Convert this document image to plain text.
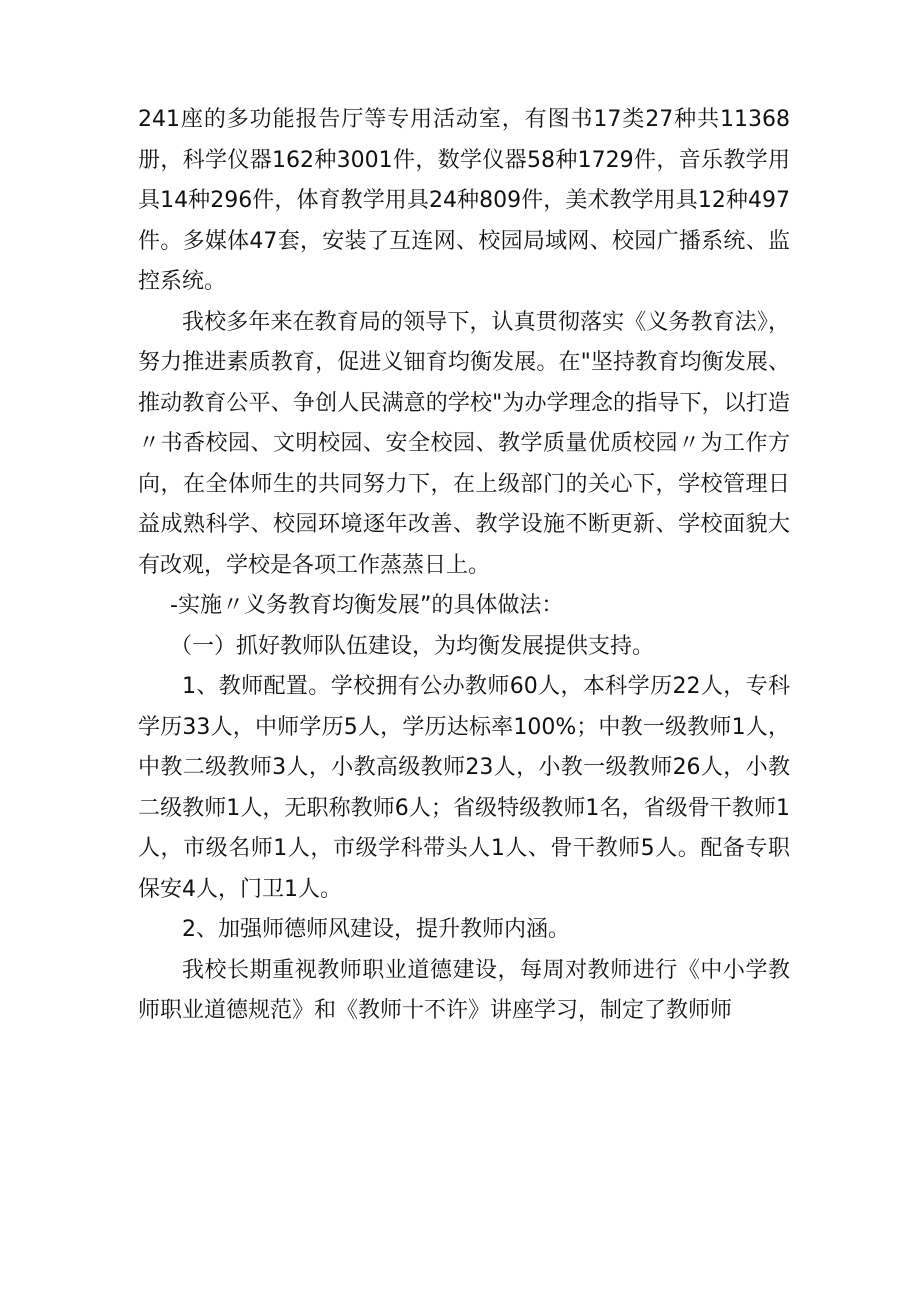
241座的多功能报告厅等专用活动室，有图书17类27种共11368册，科学仪器162种3001件，数学仪器58种1729件，音乐教学用具14种296件，体育教学用具24种809件，美术教学用具12种497件。多媒体47套，安装了互连网、校园局域网、校园广播系统、监控系统。

我校多年来在教育局的领导下，认真贯彻落实《义务教育法》，努力推进素质教育，促进义钿育均衡发展。在"坚持教育均衡发展、推动教育公平、争创人民满意的学校"为办学理念的指导下，以打造〃书香校园、文明校园、安全校园、教学质量优质校园〃为工作方向，在全体师生的共同努力下，在上级部门的关心下，学校管理日益成熟科学、校园环境逐年改善、教学设施不断更新、学校面貌大有改观，学校是各项工作蒸蒸日上。

-实施〃义务教育均衡发展”的具体做法：

（一）抓好教师队伍建设，为均衡发展提供支持。

1、教师配置。学校拥有公办教师60人，本科学历22人，专科学历33人，中师学历5人，学历达标率100%；中教一级教师1人，中教二级教师3人，小教高级教师23人，小教一级教师26人，小教二级教师1人，无职称教师6人；省级特级教师1名，省级骨干教师1人，市级名师1人，市级学科带头人1人、骨干教师5人。配备专职保安4人，门卫1人。

2、加强师德师风建设，提升教师内涵。

我校长期重视教师职业道德建设，每周对教师进行《中小学教师职业道德规范》和《教师十不许》讲座学习，制定了教师师
